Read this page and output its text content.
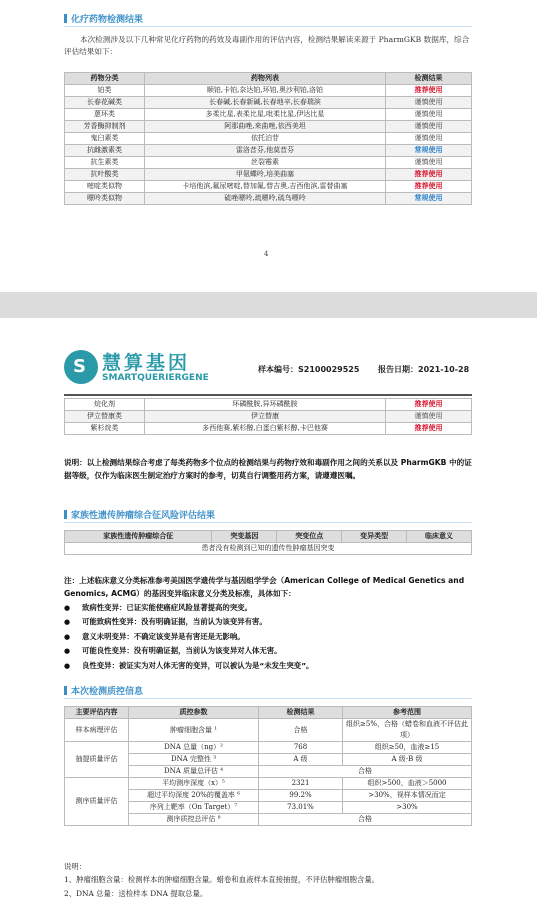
化疗药物检测结果
本次检测涉及以下几种常见化疗药物的药效及毒副作用的评估内容，检测结果解读来源于 PharmGKB 数据库，综合评估结果如下：
药物分类	药物列表	检测结果
铂类	顺铂,卡铂,奈达铂,环铂,奥沙利铂,洛铂	推荐使用
长春花碱类	长春碱,长春新碱,长春地辛,长春瑞滨	谨慎使用
蒽环类	多柔比星,表柔比星,吡柔比星,伊达比星	谨慎使用
芳香酶抑制剂	阿那曲唑,来曲唑,依西美坦	谨慎使用
鬼臼素类	依托泊苷	谨慎使用
抗雌激素类	雷洛昔芬,他莫昔芬	常规使用
抗生素类	丝裂霉素	谨慎使用
抗叶酸类	甲氨蝶呤,培美曲塞	推荐使用
嘧啶类似物	卡培他滨,氟尿嘧啶,替加氟,替吉奥,吉西他滨,雷替曲塞	推荐使用
嘌呤类似物	硫唑嘌呤,巯嘌呤,硫鸟嘌呤	常规使用
4
S 慧算基因
SMARTQUERIERGENE
样本编号：S2100029525 报告日期：2021-10-28
烷化剂	环磷酰胺,异环磷酰胺	推荐使用
伊立替康类	伊立替康	谨慎使用
紫杉烷类	多西他赛,紫杉醇,白蛋白紫杉醇,卡巴他赛	推荐使用
说明：以上检测结果综合考虑了每类药物多个位点的检测结果与药物疗效和毒副作用之间的关系以及 PharmGKB 中的证据等级，仅作为临床医生制定治疗方案时的参考，切莫自行调整用药方案，请遵遵医嘱。
家族性遗传肿瘤综合征风险评估结果
家族性遗传肿瘤综合征	突变基因	突变位点	变异类型	临床意义
患者没有检测到已知的遗传性肿瘤基因突变
注：上述临床意义分类标准参考美国医学遗传学与基因组学学会（American College of Medical Genetics and Genomics, ACMG）的基因变异临床意义分类及标准，具体如下：
● 致病性变异：已证实能使癌症风险显著提高的突变。
● 可能致病性变异：没有明确证据，当前认为该变异有害。
● 意义未明变异：不确定该变异是有害还是无影响。
● 可能良性变异：没有明确证据，当前认为该变异对人体无害。
● 良性变异：被证实为对人体无害的变异，可以被认为是“未发生突变”。
本次检测质控信息
主要评估内容	质控参数	检测结果	参考范围
样本病理评估	肿瘤细胞含量 ¹	合格	组织≥5%，合格（蜡卷和血液不评估此项）
抽提质量评估	DNA 总量（ng）²	768	组织≥50，血液≥15
	DNA 完整性 ³	A 级	A 级-B 级
	DNA 质量总评估 ⁴	合格	
测序质量评估	平均测序深度（x）⁵	2321	组织>500，血液＞5000
	超过平均深度 20%的覆盖率 ⁶	99.2%	>30%，视样本情况而定
	序列上靶率（On Target）⁷	73.01%	>30%
	测序质控总评估 ⁸	合格	
说明：
1、肿瘤细胞含量：检测样本的肿瘤细胞含量。蜡卷和血液样本直接抽提，不评估肿瘤细胞含量。
2、DNA 总量：送检样本 DNA 提取总量。
